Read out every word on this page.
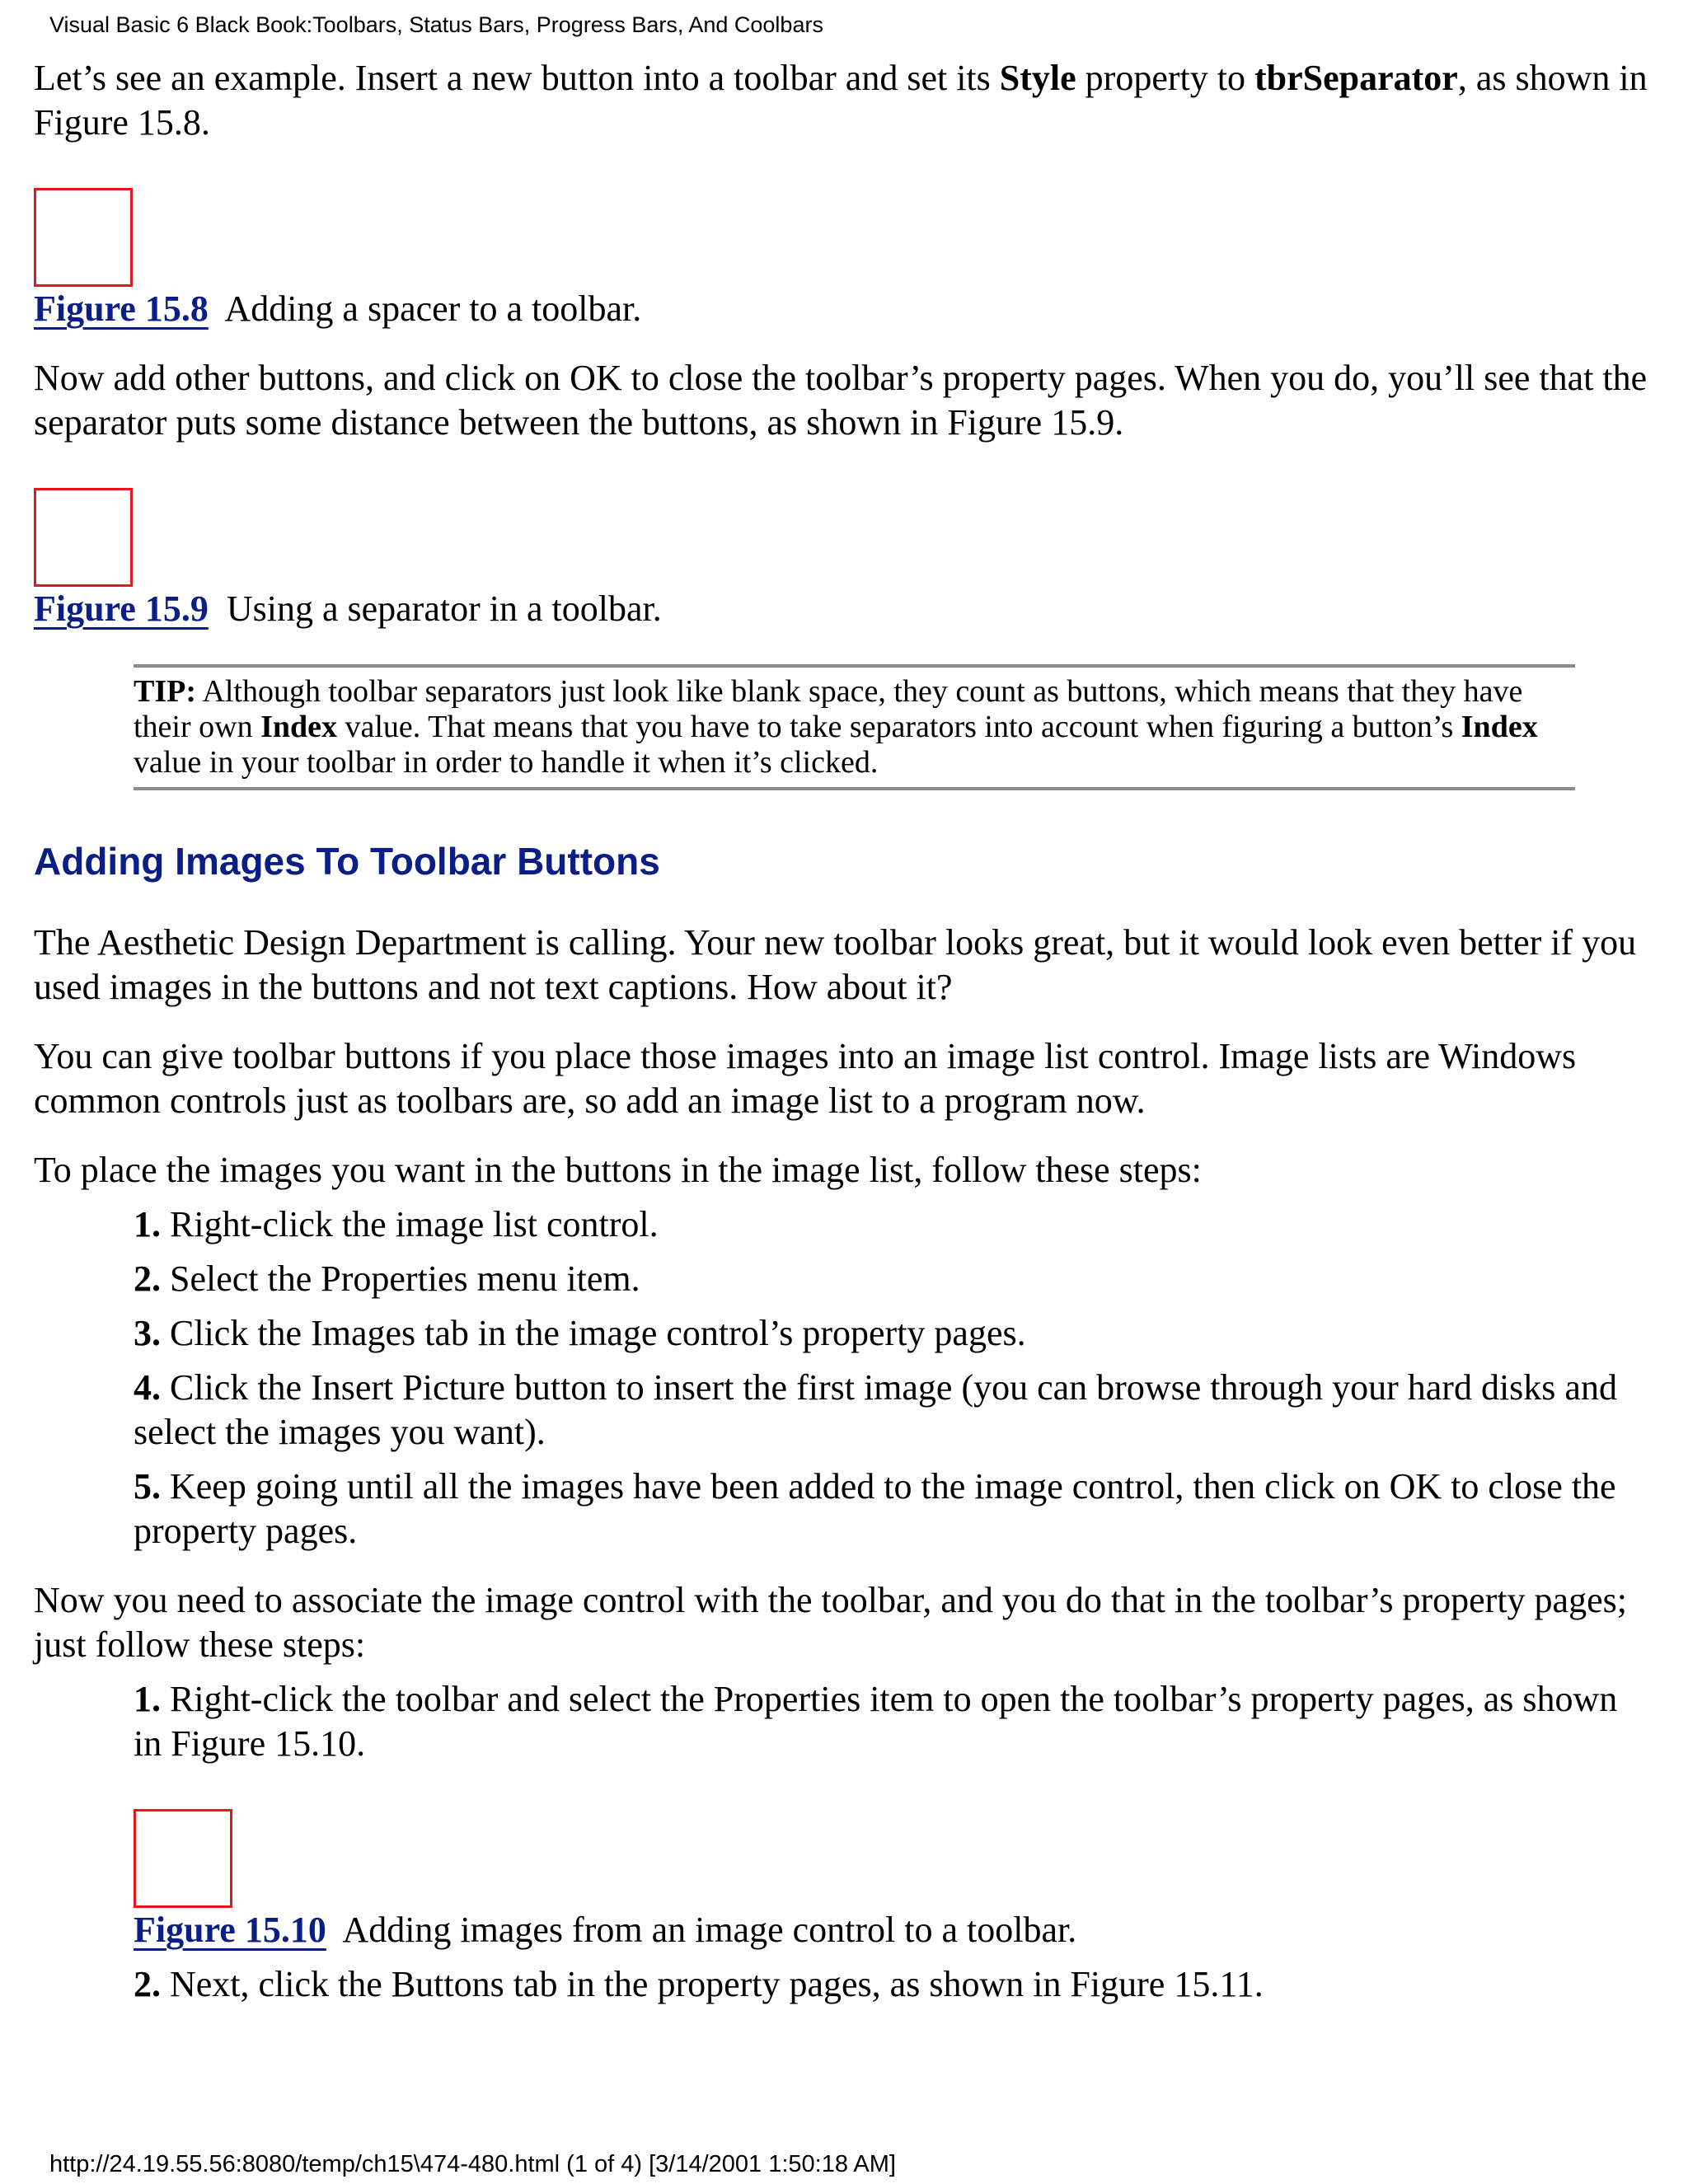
Visual Basic 6 Black Book:Toolbars, Status Bars, Progress Bars, And Coolbars

Let’s see an example. Insert a new button into a toolbar and set its Style property to tbrSeparator, as shown in Figure 15.8.

Figure 15.8 Adding a spacer to a toolbar.

Now add other buttons, and click on OK to close the toolbar’s property pages. When you do, you’ll see that the separator puts some distance between the buttons, as shown in Figure 15.9.

Figure 15.9 Using a separator in a toolbar.

TIP: Although toolbar separators just look like blank space, they count as buttons, which means that they have their own Index value. That means that you have to take separators into account when figuring a button’s Index value in your toolbar in order to handle it when it’s clicked.

Adding Images To Toolbar Buttons

The Aesthetic Design Department is calling. Your new toolbar looks great, but it would look even better if you used images in the buttons and not text captions. How about it?

You can give toolbar buttons if you place those images into an image list control. Image lists are Windows common controls just as toolbars are, so add an image list to a program now.

To place the images you want in the buttons in the image list, follow these steps:

1. Right-click the image list control.
2. Select the Properties menu item.
3. Click the Images tab in the image control’s property pages.
4. Click the Insert Picture button to insert the first image (you can browse through your hard disks and select the images you want).
5. Keep going until all the images have been added to the image control, then click on OK to close the property pages.

Now you need to associate the image control with the toolbar, and you do that in the toolbar’s property pages; just follow these steps:

1. Right-click the toolbar and select the Properties item to open the toolbar’s property pages, as shown in Figure 15.10.

Figure 15.10 Adding images from an image control to a toolbar.

2. Next, click the Buttons tab in the property pages, as shown in Figure 15.11.
http://24.19.55.56:8080/temp/ch15\474-480.html (1 of 4) [3/14/2001 1:50:18 AM]
